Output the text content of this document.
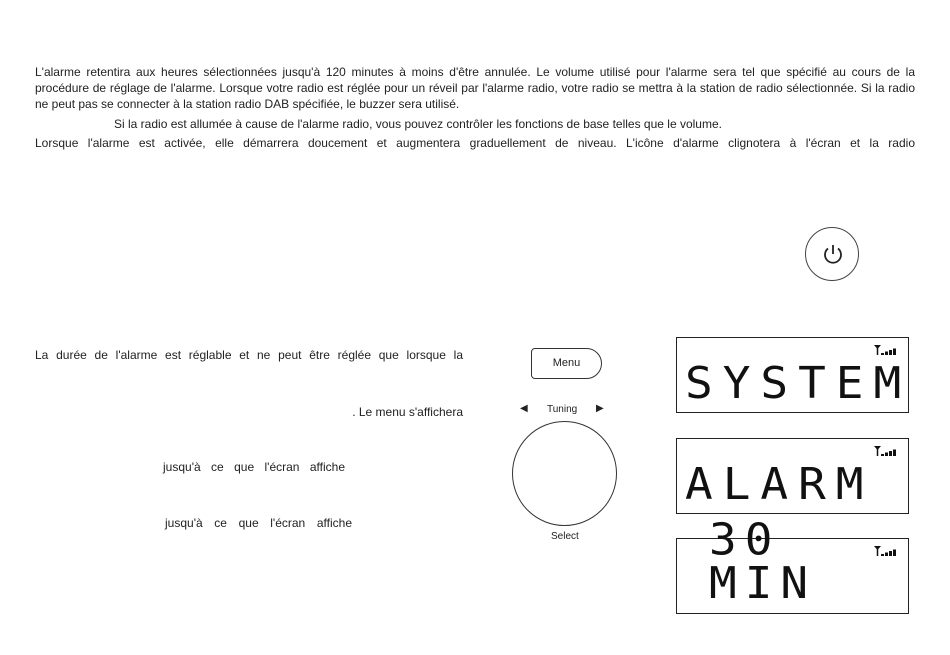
L'alarme retentira aux heures sélectionnées jusqu'à 120 minutes à moins d'être annulée. Le volume utilisé pour l'alarme sera tel que spécifié au cours de la procédure de réglage de l'alarme. Lorsque votre radio est réglée pour un réveil par l'alarme radio, votre radio se mettra à la station de radio sélectionnée. Si la radio ne peut pas se connecter à la station radio DAB spécifiée, le buzzer sera utilisé.

Si la radio est allumée à cause de l'alarme radio, vous pouvez contrôler les fonctions de base telles que le volume.

Lorsque l'alarme est activée, elle démarrera doucement et augmentera graduellement de niveau. L'icône d'alarme clignotera à l'écran et la radio

La durée de l'alarme est réglable et ne peut être réglée que lorsque la

. Le menu s'affichera

jusqu'à ce que l'écran affiche

jusqu'à ce que l'écran affiche

Menu
◀ Tuning ▶
Select
SYSTEM
ALARM
30 MIN
